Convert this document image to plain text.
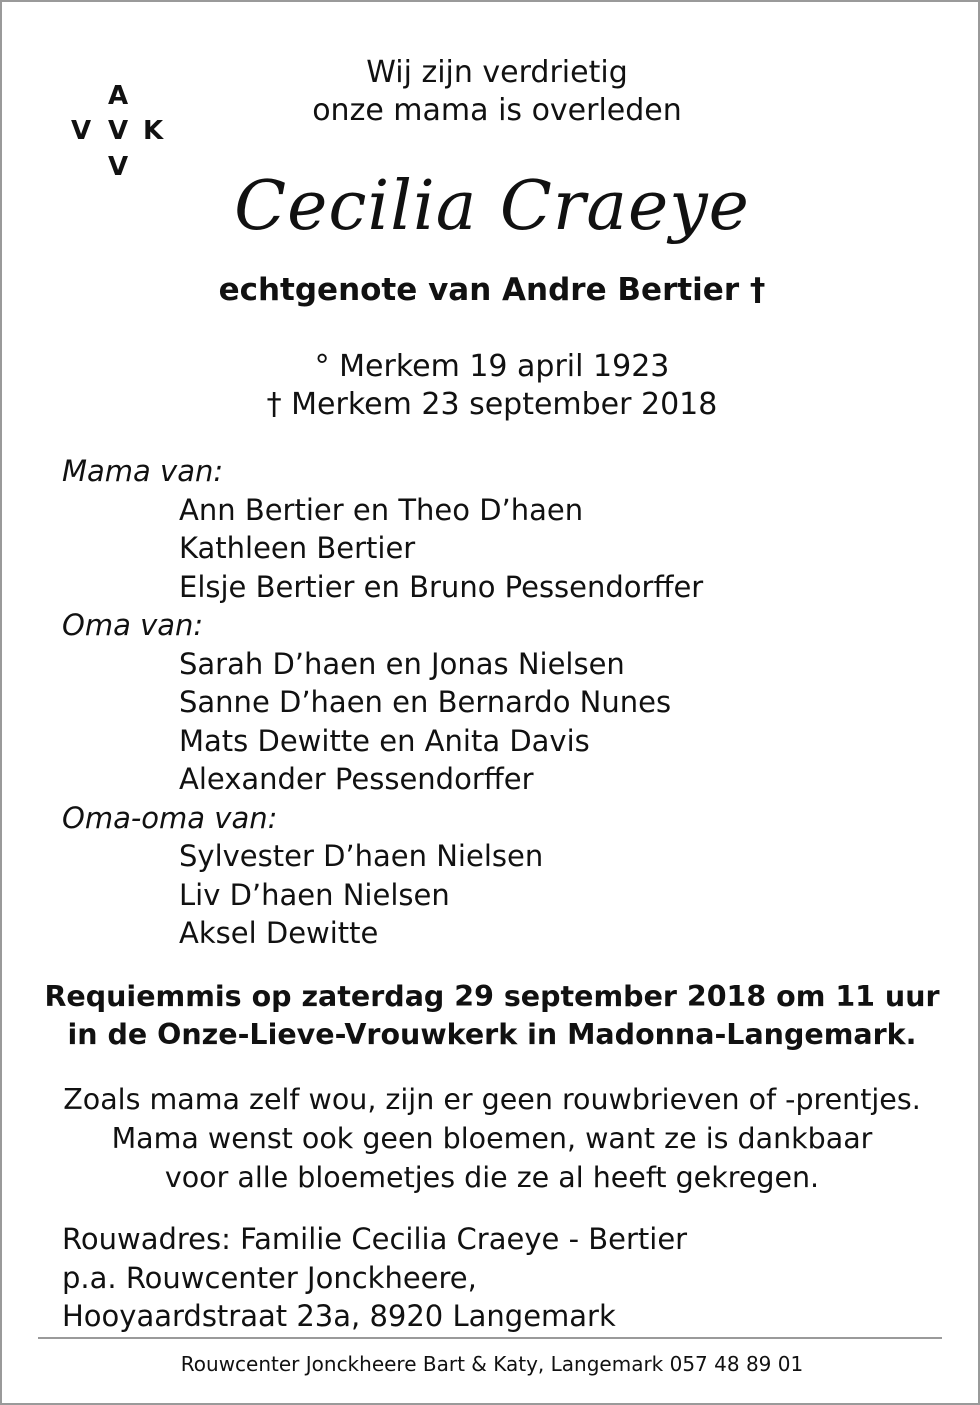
A
V V K
V
Wij zijn verdrietig
onze mama is overleden
Cecilia Craeye
echtgenote van Andre Bertier †
° Merkem 19 april 1923
† Merkem 23 september 2018
Mama van:
Ann Bertier en Theo D’haen
Kathleen Bertier
Elsje Bertier en Bruno Pessendorffer
Oma van:
Sarah D’haen en Jonas Nielsen
Sanne D’haen en Bernardo Nunes
Mats Dewitte en Anita Davis
Alexander Pessendorffer
Oma-oma van:
Sylvester D’haen Nielsen
Liv D’haen Nielsen
Aksel Dewitte
Requiemmis op zaterdag 29 september 2018 om 11 uur
in de Onze-Lieve-Vrouwkerk in Madonna-Langemark.
Zoals mama zelf wou, zijn er geen rouwbrieven of -prentjes.
Mama wenst ook geen bloemen, want ze is dankbaar
voor alle bloemetjes die ze al heeft gekregen.
Rouwadres: Familie Cecilia Craeye - Bertier
p.a. Rouwcenter Jonckheere,
Hooyaardstraat 23a, 8920 Langemark
Rouwcenter Jonckheere Bart & Katy, Langemark 057 48 89 01
